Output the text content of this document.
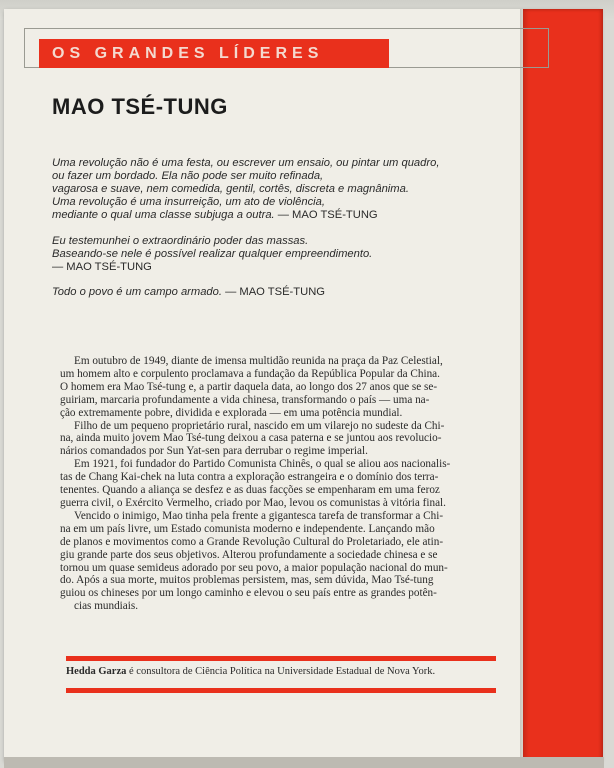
OS GRANDES LÍDERES
MAO TSÉ-TUNG
Uma revolução não é uma festa, ou escrever um ensaio, ou pintar um quadro,
ou fazer um bordado. Ela não pode ser muito refinada,
vagarosa e suave, nem comedida, gentil, cortês, discreta e magnânima.
Uma revolução é uma insurreição, um ato de violência,
mediante o qual uma classe subjuga a outra. — MAO TSÉ-TUNG
Eu testemunhei o extraordinário poder das massas.
Baseando-se nele é possível realizar qualquer empreendimento.
— MAO TSÉ-TUNG
Todo o povo é um campo armado. — MAO TSÉ-TUNG
Em outubro de 1949, diante de imensa multidão reunida na praça da Paz Celestial,
um homem alto e corpulento proclamava a fundação da República Popular da China.
O homem era Mao Tsé-tung e, a partir daquela data, ao longo dos 27 anos que se se-
guiriam, marcaria profundamente a vida chinesa, transformando o país — uma na-
ção extremamente pobre, dividida e explorada — em uma potência mundial.
Filho de um pequeno proprietário rural, nascido em um vilarejo no sudeste da Chi-
na, ainda muito jovem Mao Tsé-tung deixou a casa paterna e se juntou aos revolucio-
nários comandados por Sun Yat-sen para derrubar o regime imperial.
Em 1921, foi fundador do Partido Comunista Chinês, o qual se aliou aos nacionalis-
tas de Chang Kai-chek na luta contra a exploração estrangeira e o domínio dos terra-
tenentes. Quando a aliança se desfez e as duas facções se empenharam em uma feroz
guerra civil, o Exército Vermelho, criado por Mao, levou os comunistas à vitória final.
Vencido o inimigo, Mao tinha pela frente a gigantesca tarefa de transformar a Chi-
na em um país livre, um Estado comunista moderno e independente. Lançando mão
de planos e movimentos como a Grande Revolução Cultural do Proletariado, ele atin-
giu grande parte dos seus objetivos. Alterou profundamente a sociedade chinesa e se
tornou um quase semideus adorado por seu povo, a maior população nacional do mun-
do. Após a sua morte, muitos problemas persistem, mas, sem dúvida, Mao Tsé-tung
guiou os chineses por um longo caminho e elevou o seu país entre as grandes potên-
cias mundiais.
Hedda Garza é consultora de Ciência Política na Universidade Estadual de Nova York.
